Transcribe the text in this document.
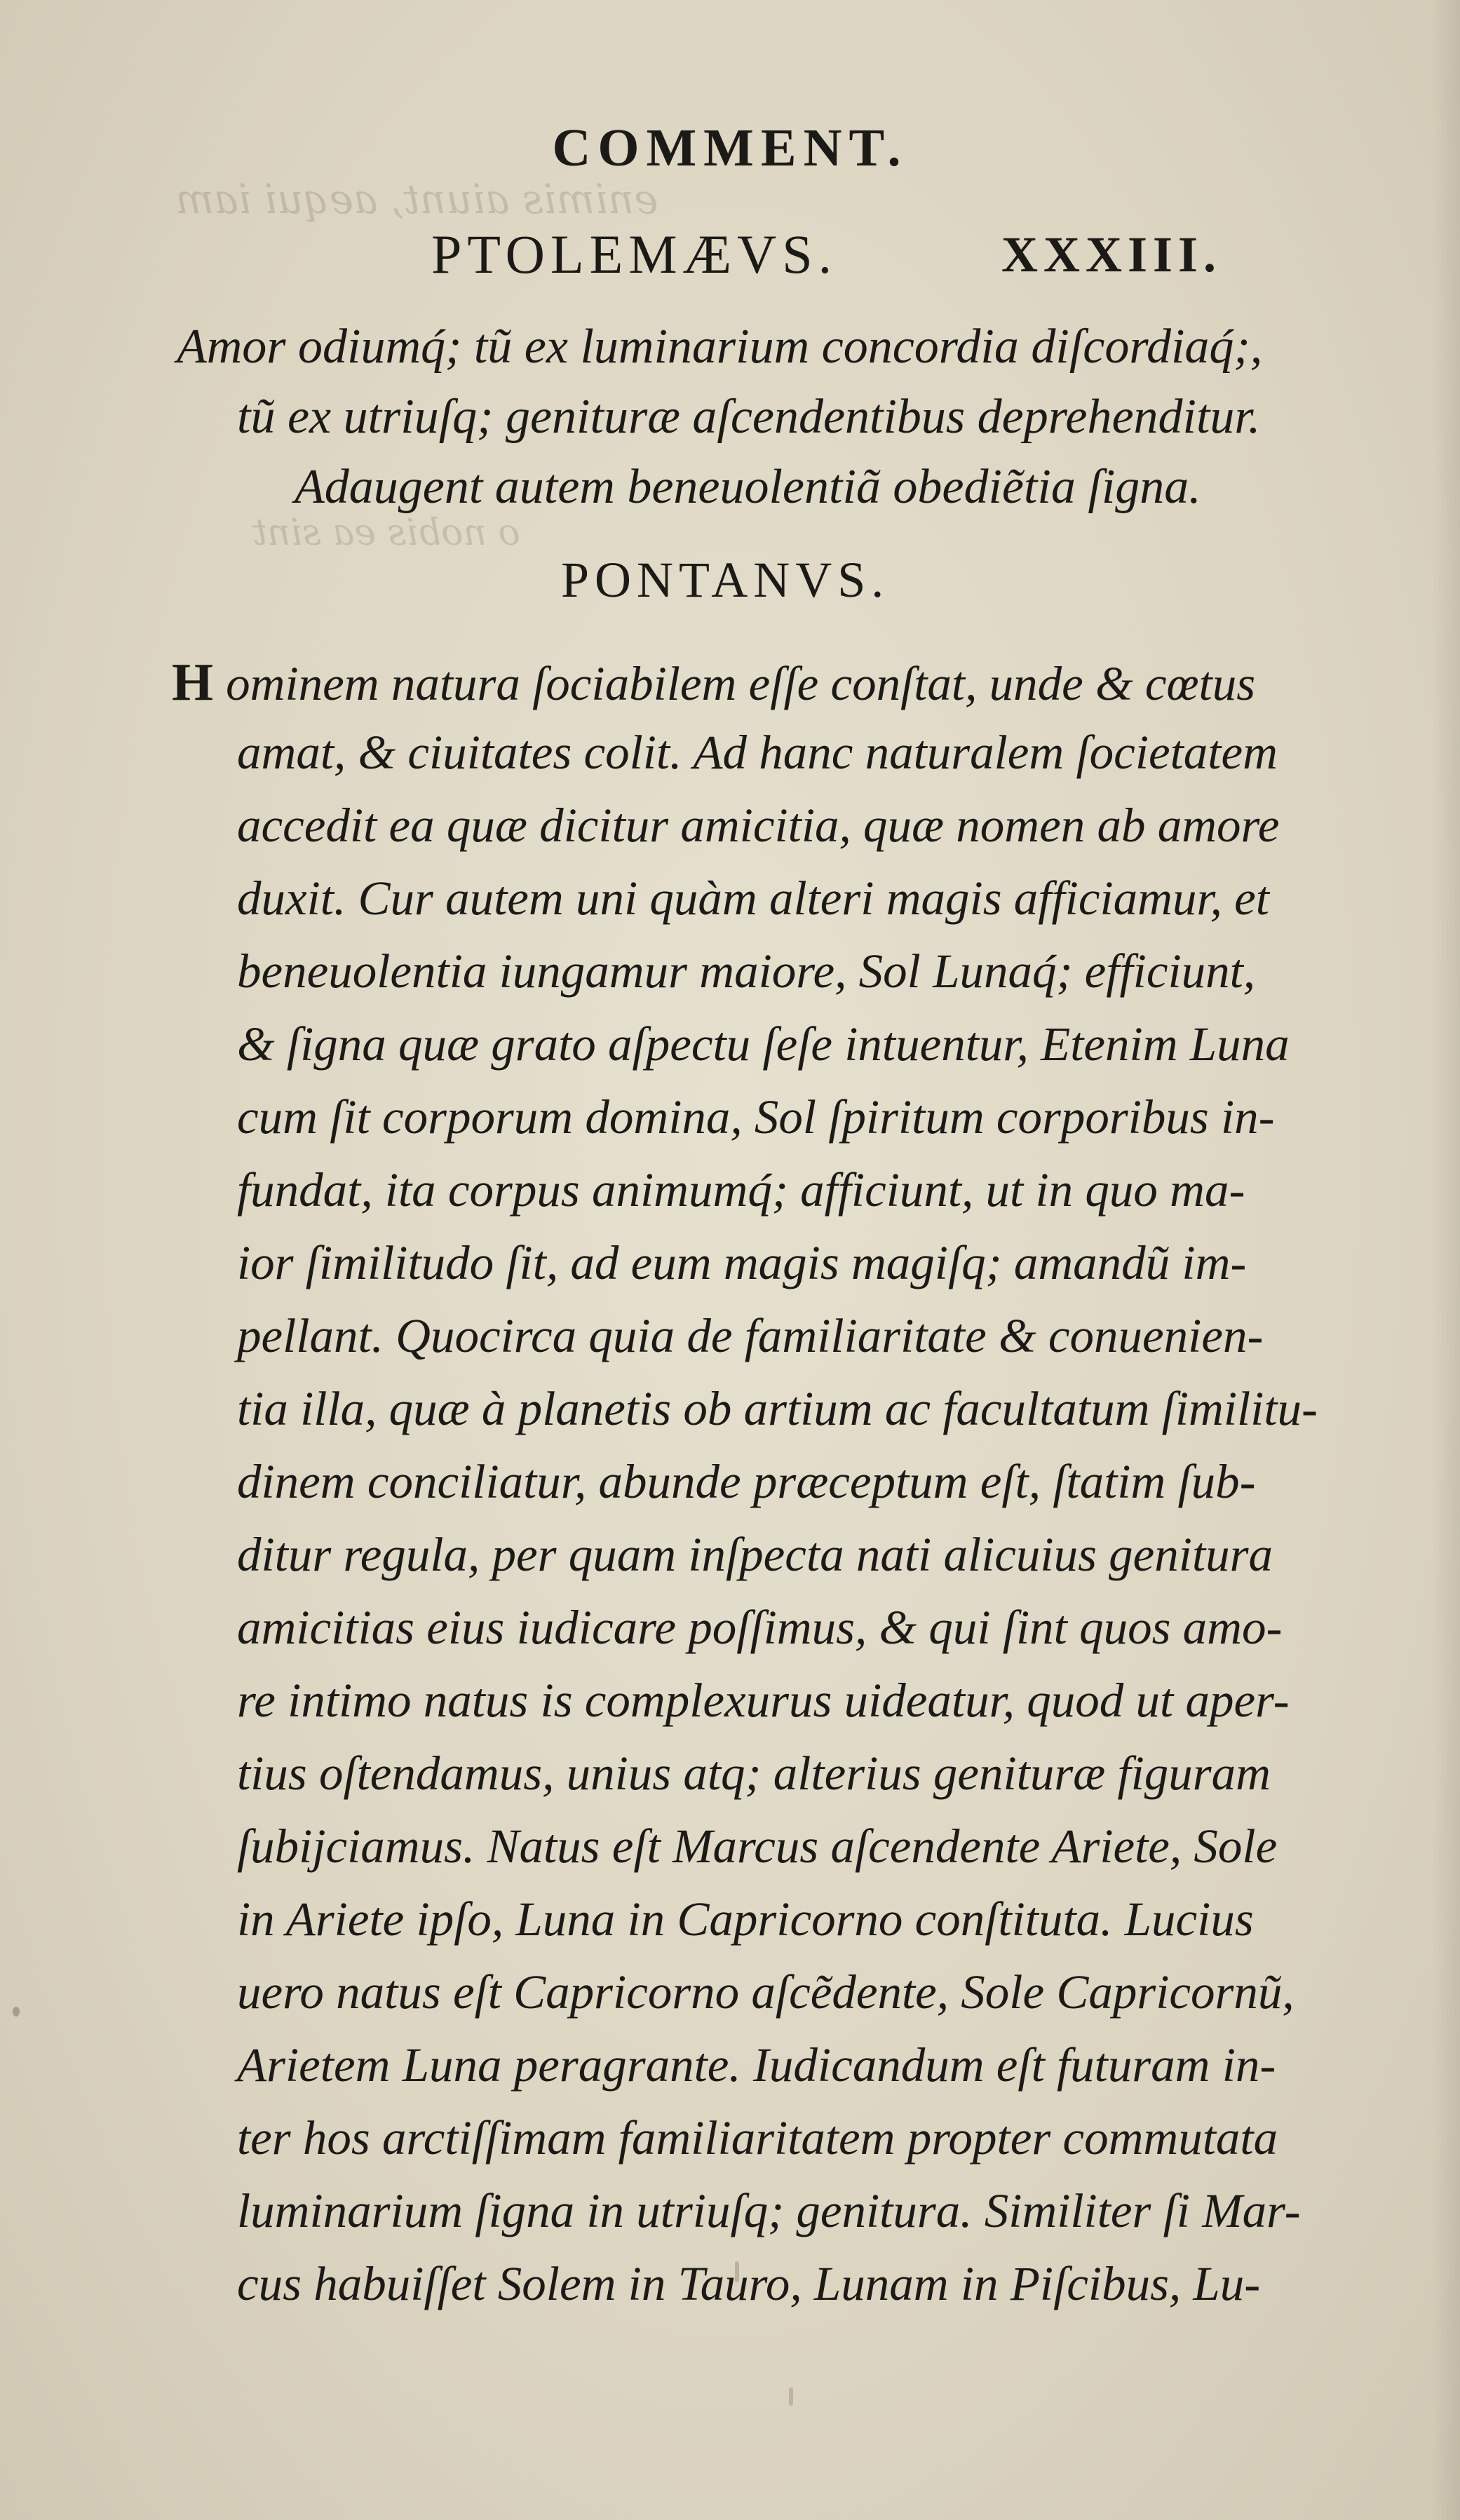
enimis aiunt, aequi iam
o nobis ea sint
COMMENT.
PTOLEMÆVS.	XXXIII.
Amor odiumq́; tũ ex luminarium concordia diſcordiaq́;,
tũ ex utriuſq; geniturӕ aſcendentibus deprehenditur.
Adaugent autem beneuolentiã obediẽtia ſigna.
PONTANVS.
H ominem natura ſociabilem eſſe conſtat, unde & cœtus
amat, & ciuitates colit. Ad hanc naturalem ſocietatem
accedit ea quӕ dicitur amicitia, quӕ nomen ab amore
duxit. Cur autem uni quàm alteri magis afficiamur, et
beneuolentia iungamur maiore, Sol Lunaq́; efficiunt,
& ſigna quӕ grato aſpectu ſeſe intuentur, Etenim Luna
cum ſit corporum domina, Sol ſpiritum corporibus in-
fundat, ita corpus animumq́; afficiunt, ut in quo ma-
ior ſimilitudo ſit, ad eum magis magiſq; amandũ im-
pellant. Quocirca quia de familiaritate & conuenien-
tia illa, quӕ à planetis ob artium ac facultatum ſimilitu-
dinem conciliatur, abunde prӕceptum eſt, ſtatim ſub-
ditur regula, per quam inſpecta nati alicuius genitura
amicitias eius iudicare poſſimus, & qui ſint quos amo-
re intimo natus is complexurus uideatur, quod ut aper-
tius oſtendamus, unius atq; alterius geniturӕ figuram
ſubijciamus. Natus eſt Marcus aſcendente Ariete, Sole
in Ariete ipſo, Luna in Capricorno conſtituta. Lucius
uero natus eſt Capricorno aſcẽdente, Sole Capricornũ,
Arietem Luna peragrante. Iudicandum eſt futuram in-
ter hos arctiſſimam familiaritatem propter commutata
luminarium ſigna in utriuſq; genitura. Similiter ſi Mar-
cus habuiſſet Solem in Tauro, Lunam in Piſcibus, Lu-
